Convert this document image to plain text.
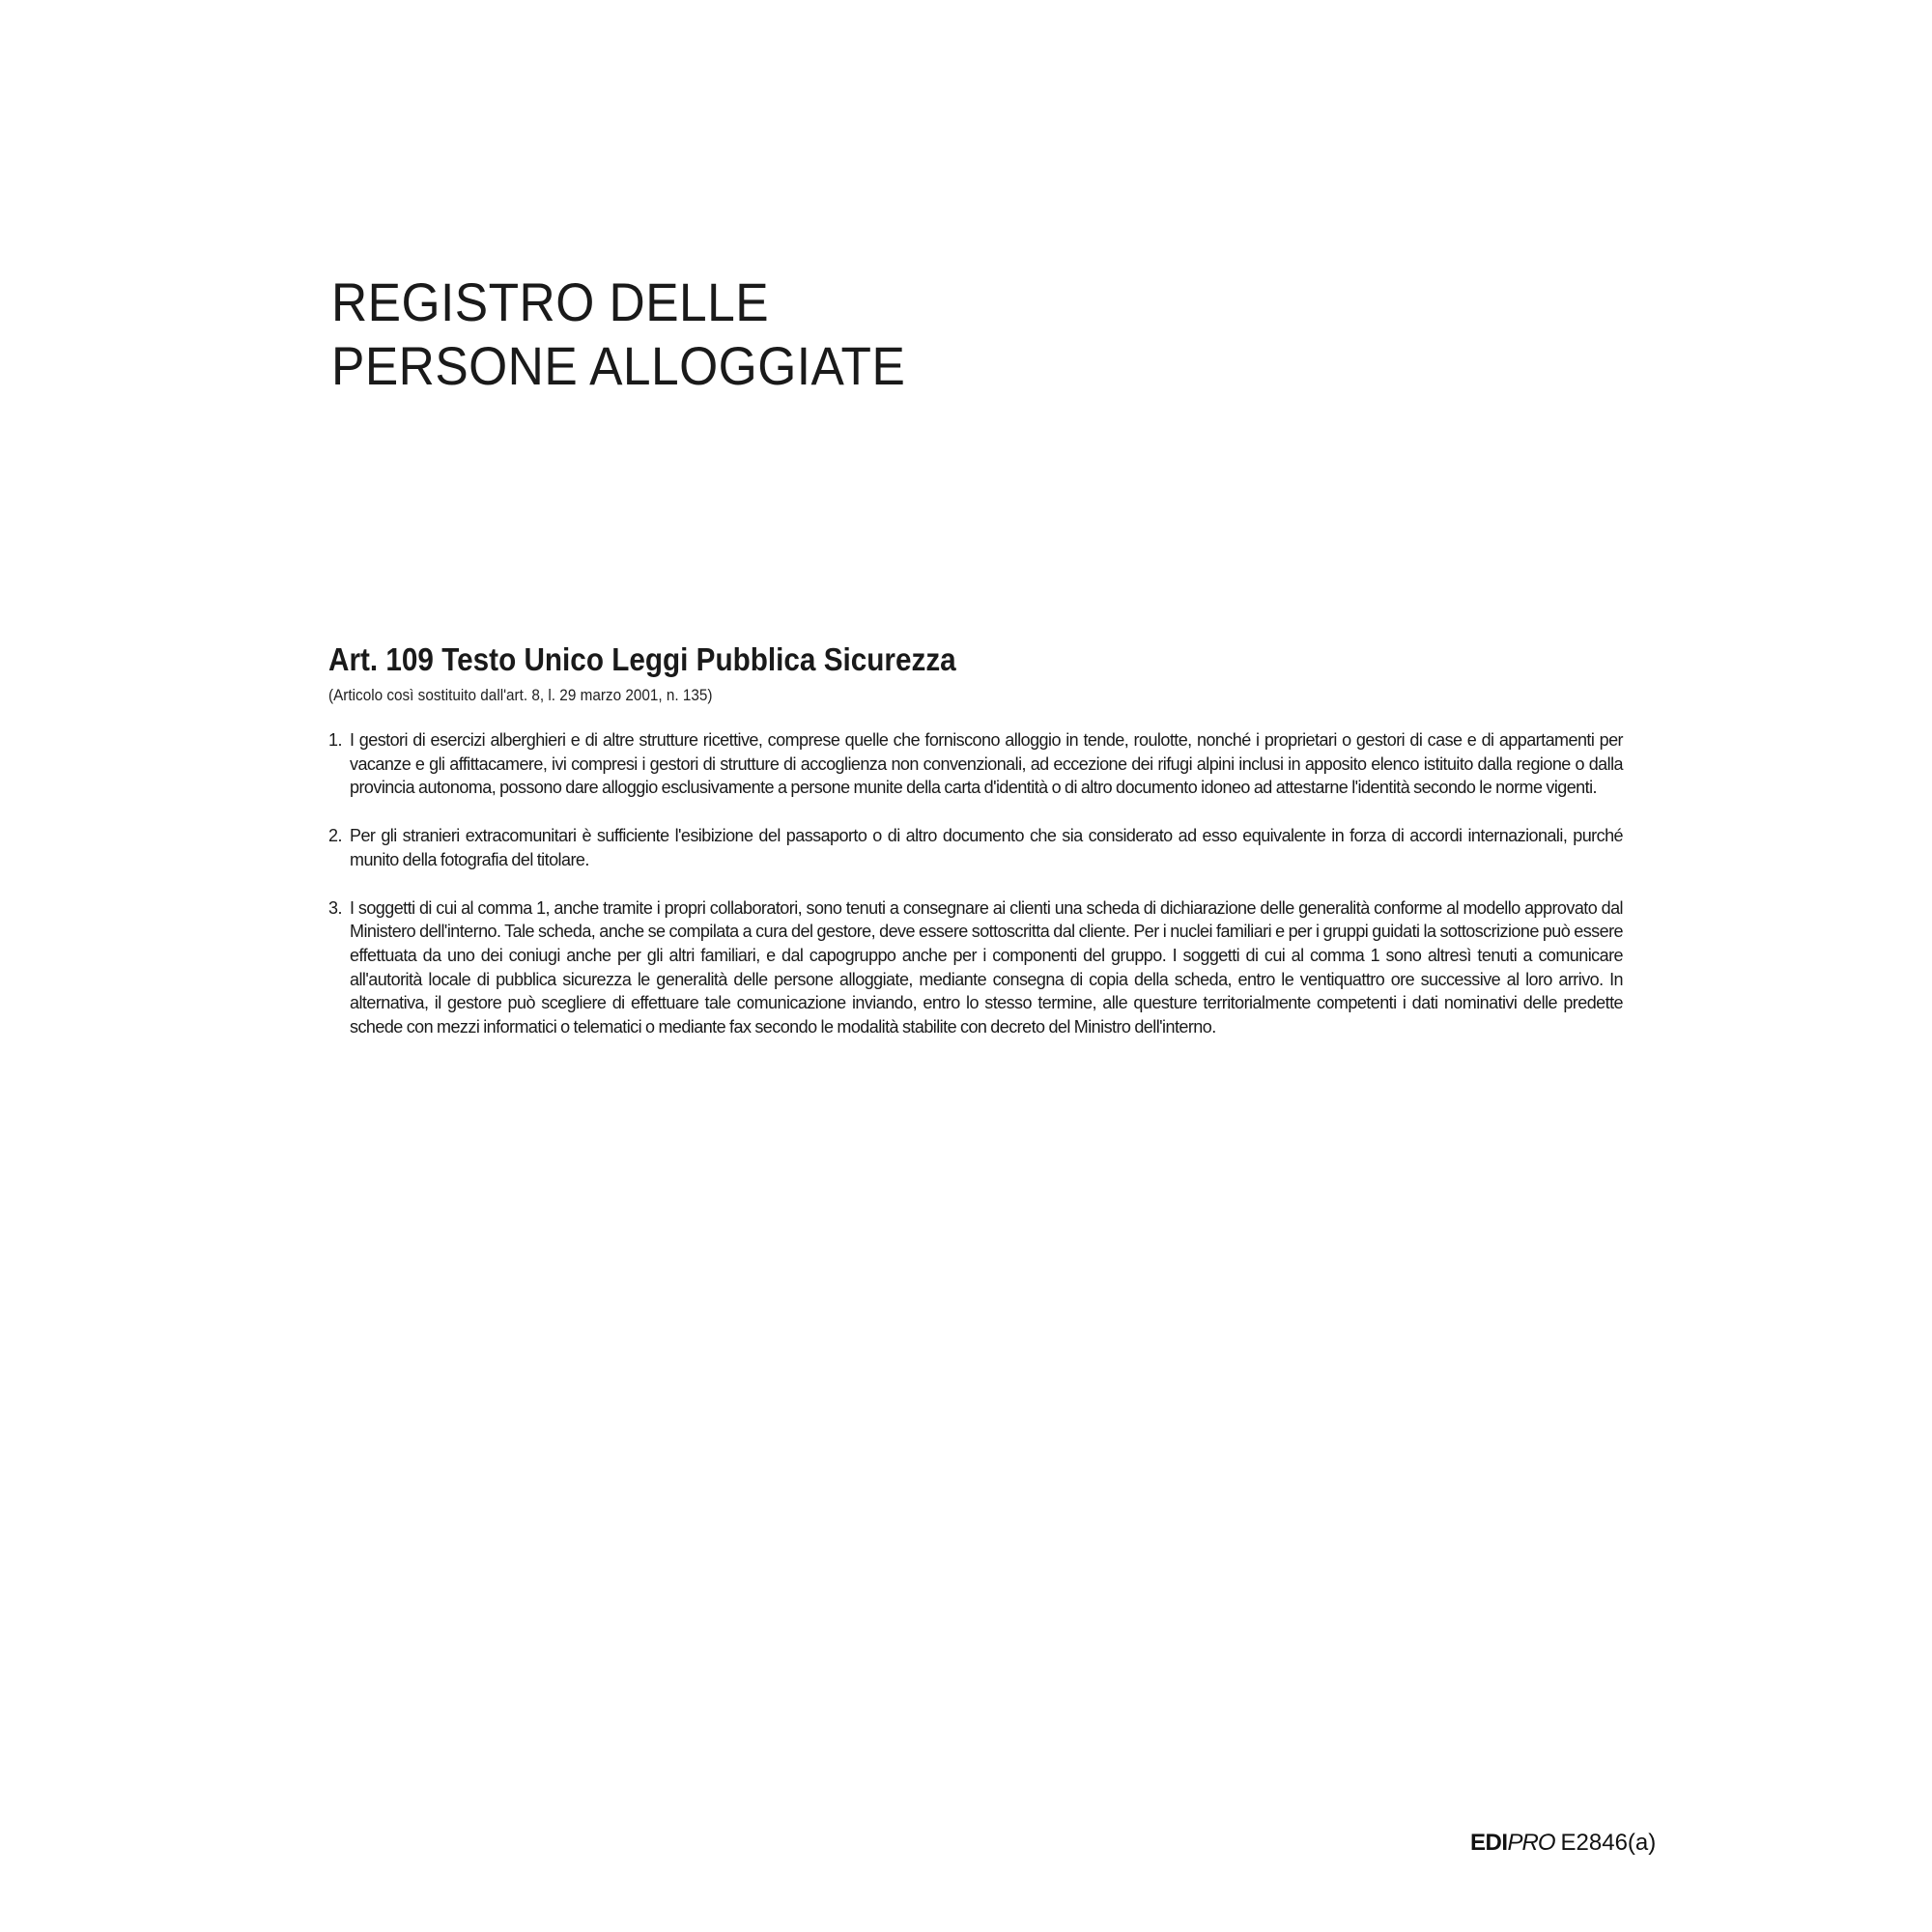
REGISTRO DELLE
PERSONE ALLOGGIATE
Art. 109 Testo Unico Leggi Pubblica Sicurezza

(Articolo così sostituito dall'art. 8, l. 29 marzo 2001, n. 135)

1. I gestori di esercizi alberghieri e di altre strutture ricettive, comprese quelle che forniscono alloggio in tende, roulotte, nonché i proprietari o gestori di case e di appartamenti per vacanze e gli affittacamere, ivi compresi i gestori di strutture di accoglienza non convenzionali, ad eccezione dei rifugi alpini inclusi in apposito elenco istituito dalla regione o dalla provincia autonoma, possono dare alloggio esclusivamente a persone munite della carta d'identità o di altro documento idoneo ad attestarne l'identità secondo le norme vigenti.
2. Per gli stranieri extracomunitari è sufficiente l'esibizione del passaporto o di altro documento che sia considerato ad esso equivalente in forza di accordi internazionali, purché munito della fotografia del titolare.
3. I soggetti di cui al comma 1, anche tramite i propri collaboratori, sono tenuti a consegnare ai clienti una scheda di dichiarazione delle generalità conforme al modello approvato dal Ministero dell'interno. Tale scheda, anche se compilata a cura del gestore, deve essere sottoscritta dal cliente. Per i nuclei familiari e per i gruppi guidati la sottoscrizione può essere effettuata da uno dei coniugi anche per gli altri familiari, e dal capogruppo anche per i componenti del gruppo. I soggetti di cui al comma 1 sono altresì tenuti a comunicare all'autorità locale di pubblica sicurezza le generalità delle persone alloggiate, mediante consegna di copia della scheda, entro le ventiquattro ore successive al loro arrivo. In alternativa, il gestore può scegliere di effettuare tale comunicazione inviando, entro lo stesso termine, alle questure territorialmente competenti i dati nominativi delle predette schede con mezzi informatici o telematici o mediante fax secondo le modalità stabilite con decreto del Ministro dell'interno.
EDI PRO E2846(a)
